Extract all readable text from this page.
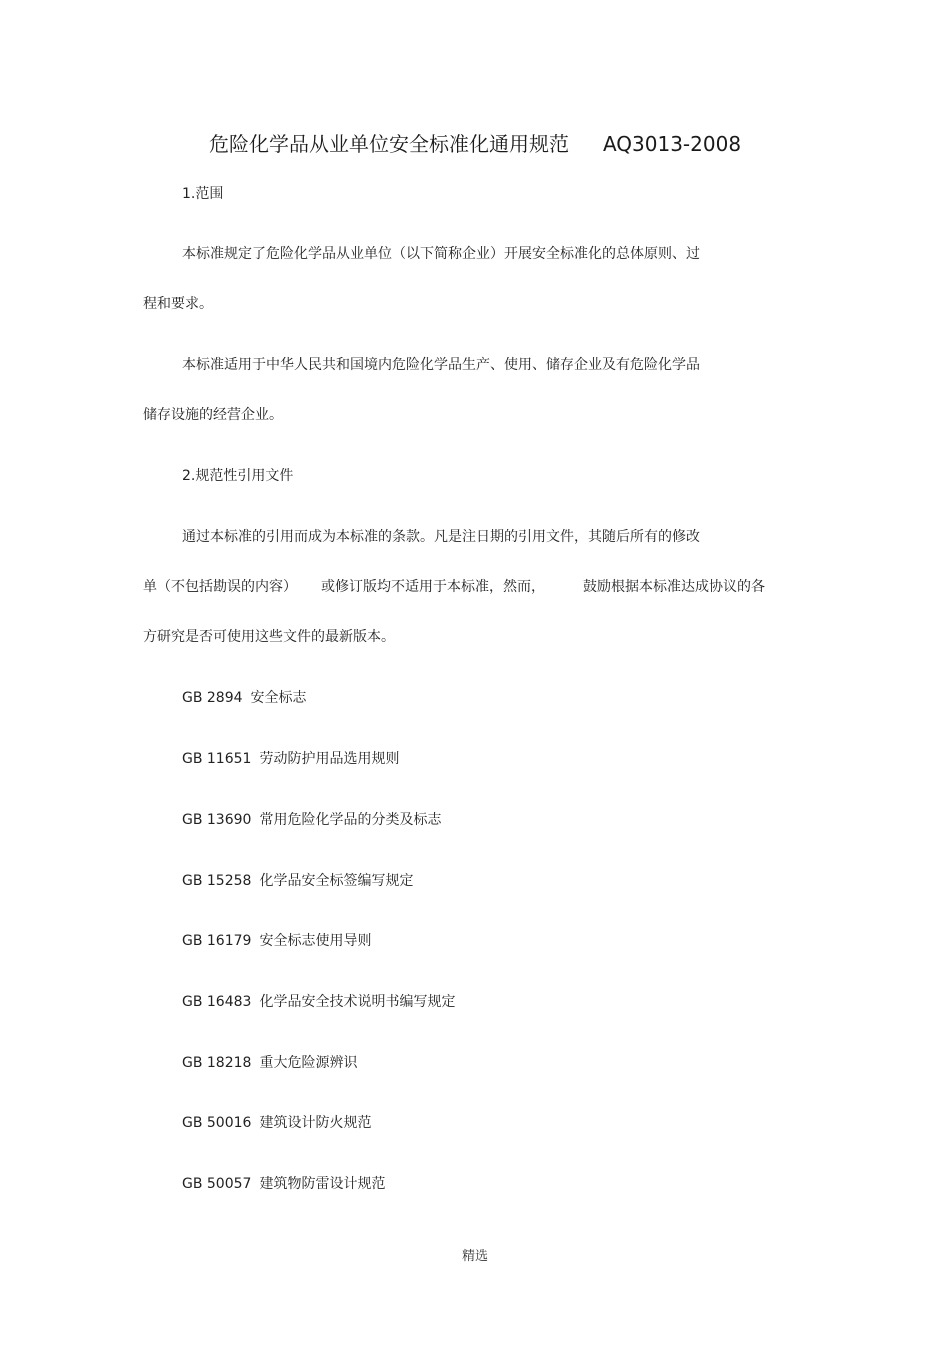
危险化学品从业单位安全标准化通用规范 AQ3013-2008
1.范围
本标准规定了危险化学品从业单位（以下简称企业）开展安全标准化的总体原则、过
程和要求。
本标准适用于中华人民共和国境内危险化学品生产、使用、储存企业及有危险化学品
储存设施的经营企业。
2.规范性引用文件
通过本标准的引用而成为本标准的条款。凡是注日期的引用文件，其随后所有的修改
单（不包括勘误的内容） 或修订版均不适用于本标准，然而，	鼓励根据本标准达成协议的各
方研究是否可使用这些文件的最新版本。
GB 2894 安全标志
GB 11651 劳动防护用品选用规则
GB 13690 常用危险化学品的分类及标志
GB 15258 化学品安全标签编写规定
GB 16179 安全标志使用导则
GB 16483 化学品安全技术说明书编写规定
GB 18218 重大危险源辨识
GB 50016 建筑设计防火规范
GB 50057 建筑物防雷设计规范
精选
